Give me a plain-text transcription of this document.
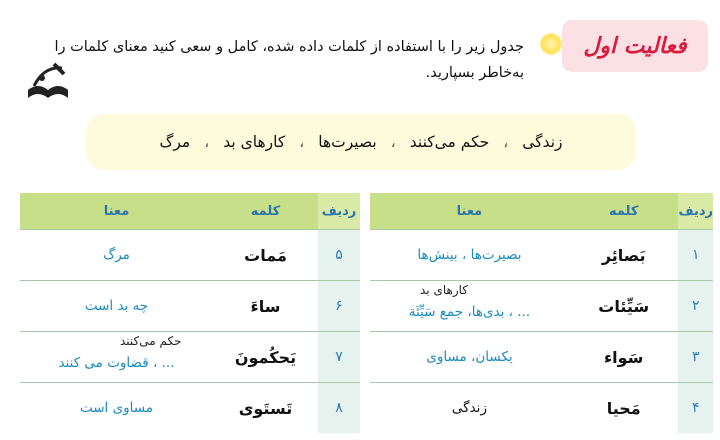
فعالیت اول
جدول زیر را با استفاده از کلمات داده شده، کامل و سعی کنید معنای کلمات را
به‌خاطر بسپارید.
زندگی
،
حکم می‌کنند
،
بصیرت‌ها
،
کارهای بد
،
مرگ
ردیف	کلمه	معنا
۱	بَصائِر	بصیرت‌ها ، بینش‌ها
۲	سَیِّئات	کارهای بد
... ، بدی‌ها، جمع سَیِّئَة
۳	سَواء	یکسان، مساوی
۴	مَحیا	زندگی
ردیف	کلمه	معنا
۵	مَمات	مرگ
۶	ساءَ	چه بد است
۷	یَحکُمونَ	حکم می‌کنند
... ، قضاوت می کنند
۸	تَستَوی	مساوی است
